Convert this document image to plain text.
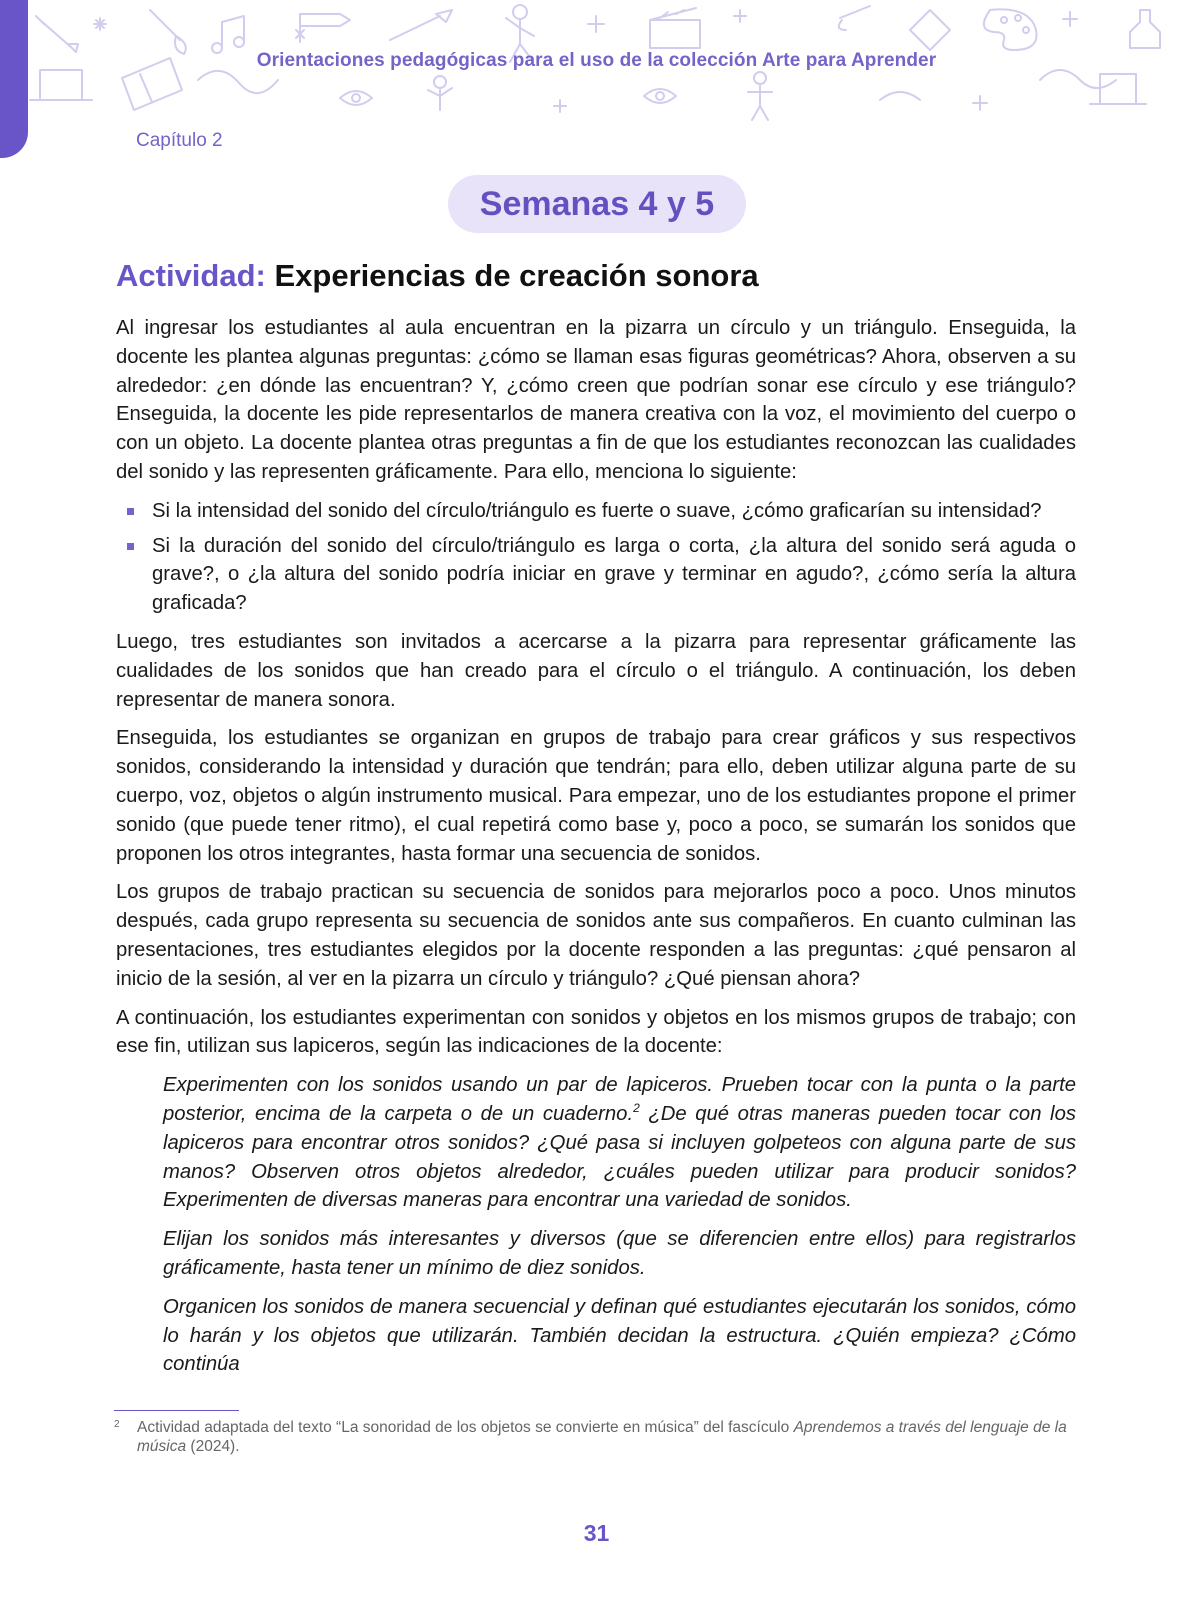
Orientaciones pedagógicas para el uso de la colección Arte para Aprender
Capítulo 2
Semanas 4 y 5
Actividad: Experiencias de creación sonora

Al ingresar los estudiantes al aula encuentran en la pizarra un círculo y un triángulo. Enseguida, la docente les plantea algunas preguntas: ¿cómo se llaman esas figuras geométricas? Ahora, observen a su alrededor: ¿en dónde las encuentran? Y, ¿cómo creen que podrían sonar ese círculo y ese triángulo? Enseguida, la docente les pide representarlos de manera creativa con la voz, el movimiento del cuerpo o con un objeto. La docente plantea otras preguntas a fin de que los estudiantes reconozcan las cualidades del sonido y las representen gráficamente. Para ello, menciona lo siguiente:

Si la intensidad del sonido del círculo/triángulo es fuerte o suave, ¿cómo graficarían su intensidad?
Si la duración del sonido del círculo/triángulo es larga o corta, ¿la altura del sonido será aguda o grave?, o ¿la altura del sonido podría iniciar en grave y terminar en agudo?, ¿cómo sería la altura graficada?

Luego, tres estudiantes son invitados a acercarse a la pizarra para representar gráficamente las cualidades de los sonidos que han creado para el círculo o el triángulo. A continuación, los deben representar de manera sonora.

Enseguida, los estudiantes se organizan en grupos de trabajo para crear gráficos y sus respectivos sonidos, considerando la intensidad y duración que tendrán; para ello, deben utilizar alguna parte de su cuerpo, voz, objetos o algún instrumento musical. Para empezar, uno de los estudiantes propone el primer sonido (que puede tener ritmo), el cual repetirá como base y, poco a poco, se sumarán los sonidos que proponen los otros integrantes, hasta formar una secuencia de sonidos.

Los grupos de trabajo practican su secuencia de sonidos para mejorarlos poco a poco. Unos minutos después, cada grupo representa su secuencia de sonidos ante sus compañeros. En cuanto culminan las presentaciones, tres estudiantes elegidos por la docente responden a las preguntas: ¿qué pensaron al inicio de la sesión, al ver en la pizarra un círculo y triángulo? ¿Qué piensan ahora?

A continuación, los estudiantes experimentan con sonidos y objetos en los mismos grupos de trabajo; con ese fin, utilizan sus lapiceros, según las indicaciones de la docente:

Experimenten con los sonidos usando un par de lapiceros. Prueben tocar con la punta o la parte posterior, encima de la carpeta o de un cuaderno.$^2$ ¿De qué otras maneras pueden tocar con los lapiceros para encontrar otros sonidos? ¿Qué pasa si incluyen golpeteos con alguna parte de sus manos? Observen otros objetos alrededor, ¿cuáles pueden utilizar para producir sonidos? Experimenten de diversas maneras para encontrar una variedad de sonidos.

Elijan los sonidos más interesantes y diversos (que se diferencien entre ellos) para registrarlos gráficamente, hasta tener un mínimo de diez sonidos.

Organicen los sonidos de manera secuencial y definan qué estudiantes ejecutarán los sonidos, cómo lo harán y los objetos que utilizarán. También decidan la estructura. ¿Quién empieza? ¿Cómo continúa

2	Actividad adaptada del texto “La sonoridad de los objetos se convierte en música” del fascículo Aprendemos a través del lenguaje de la música (2024).
31
